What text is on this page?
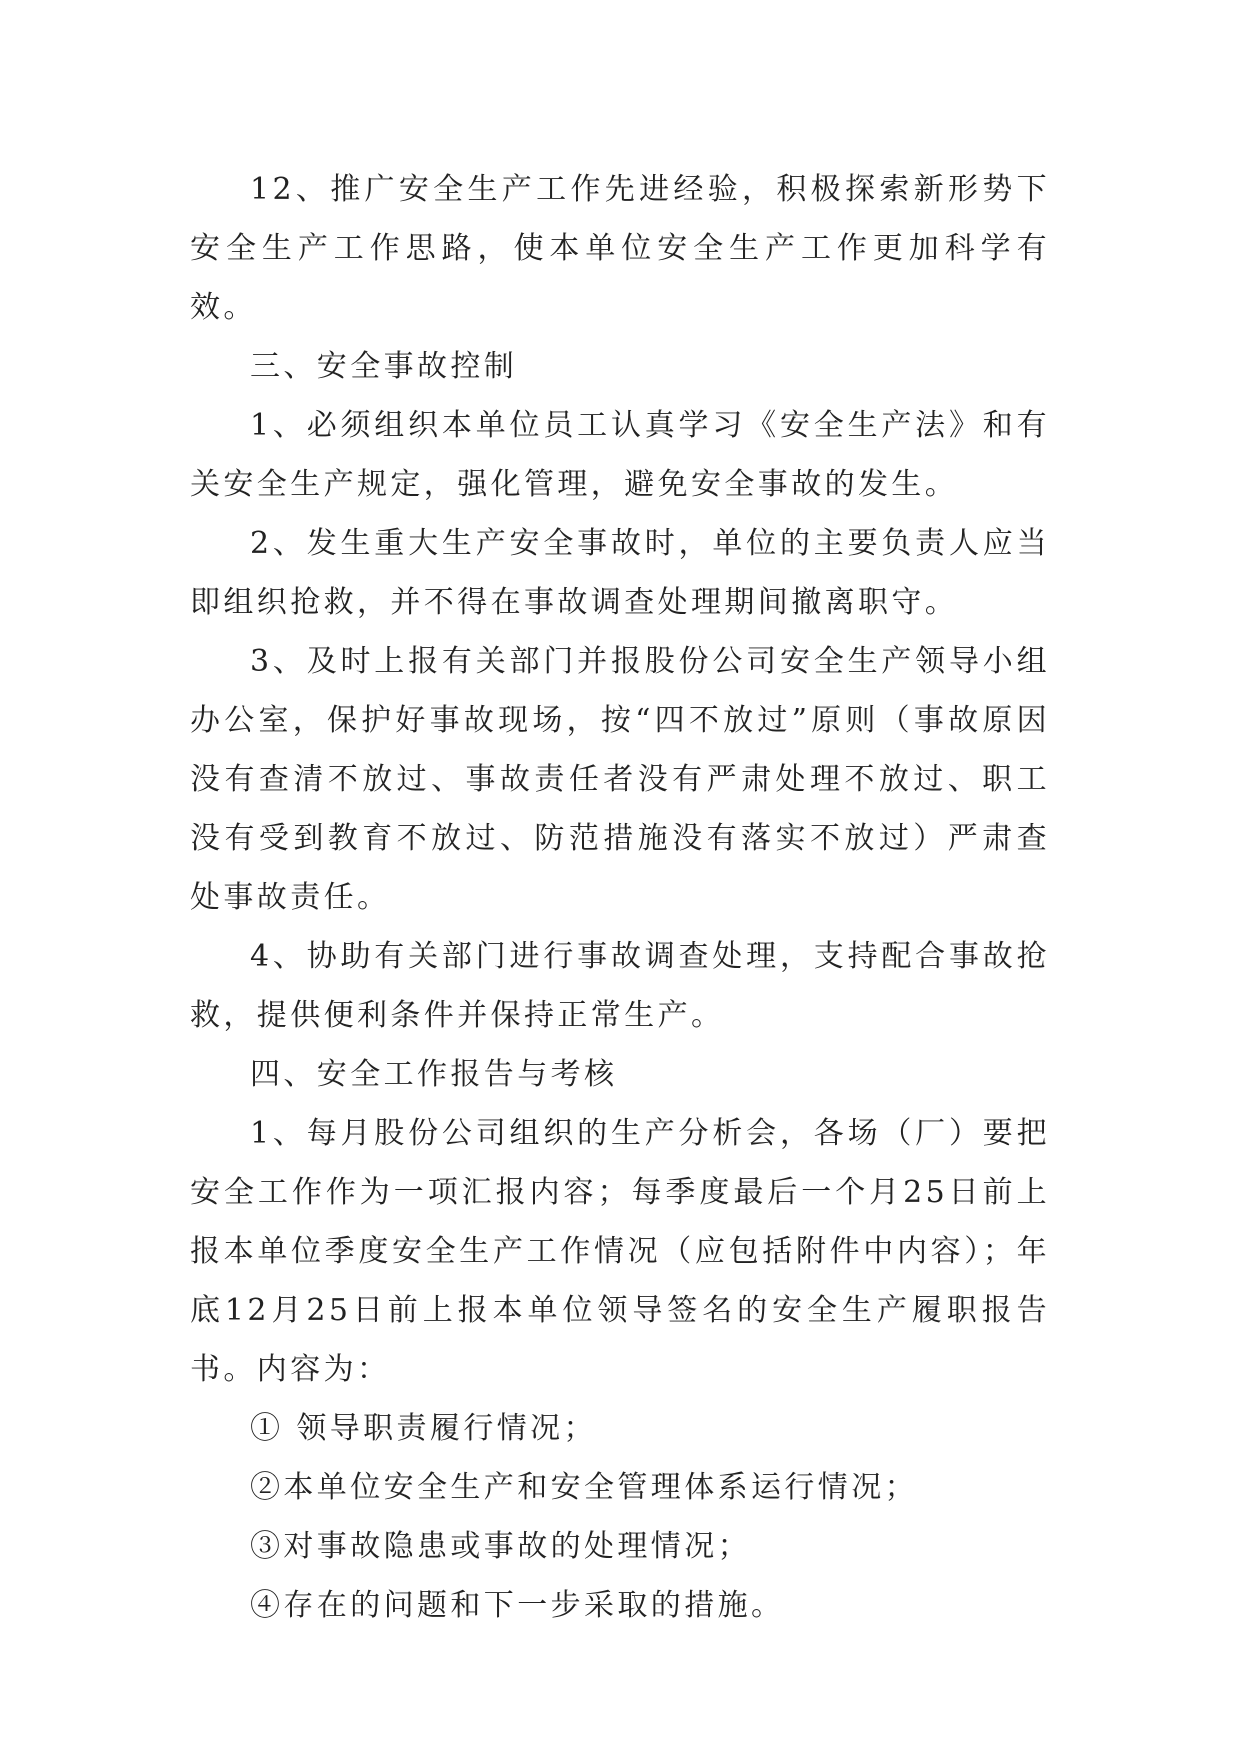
12、推广安全生产工作先进经验，积极探索新形势下安全生产工作思路，使本单位安全生产工作更加科学有效。

三、安全事故控制

1、必须组织本单位员工认真学习《安全生产法》和有关安全生产规定，强化管理，避免安全事故的发生。

2、发生重大生产安全事故时，单位的主要负责人应当即组织抢救，并不得在事故调查处理期间撤离职守。

3、及时上报有关部门并报股份公司安全生产领导小组办公室，保护好事故现场，按“四不放过”原则（事故原因没有查清不放过、事故责任者没有严肃处理不放过、职工没有受到教育不放过、防范措施没有落实不放过）严肃查处事故责任。

4、协助有关部门进行事故调查处理，支持配合事故抢救，提供便利条件并保持正常生产。

四、安全工作报告与考核

1、每月股份公司组织的生产分析会，各场（厂）要把安全工作作为一项汇报内容；每季度最后一个月25日前上报本单位季度安全生产工作情况（应包括附件中内容）；年底12月25日前上报本单位领导签名的安全生产履职报告书。内容为：

① 领导职责履行情况；

②本单位安全生产和安全管理体系运行情况；

③对事故隐患或事故的处理情况；

④存在的问题和下一步采取的措施。
